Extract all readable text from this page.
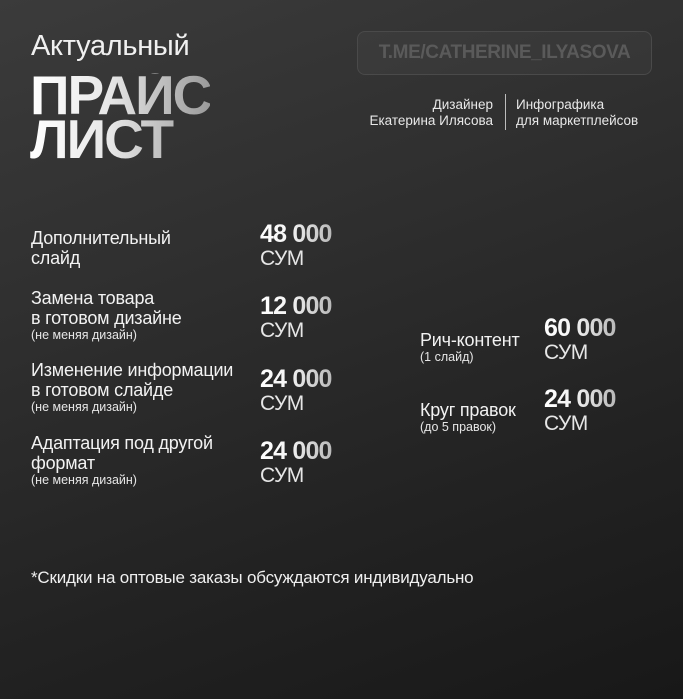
Актуальный
ПРАЙС
ЛИСТ
T.ME/CATHERINE_ILYASOVA
Дизайнер
Екатерина Илясова
Инфографика
для маркетплейсов
Дополнительный
слайд
48 000
СУМ
Замена товара
в готовом дизайне
(не меняя дизайн)
12 000
СУМ
Изменение информации
в готовом слайде
(не меняя дизайн)
24 000
СУМ
Адаптация под другой
формат
(не меняя дизайн)
24 000
СУМ
Рич-контент
(1 слайд)
60 000
СУМ
Круг правок
(до 5 правок)
24 000
СУМ
*Скидки на оптовые заказы обсуждаются индивидуально
